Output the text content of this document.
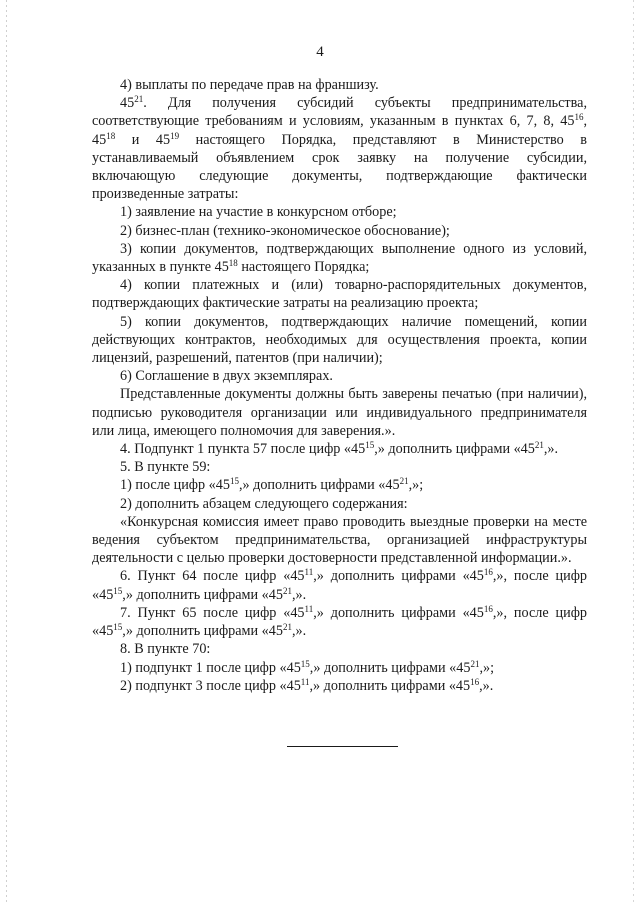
4

4) выплаты по передаче прав на франшизу.

$45^{21}$. Для получения субсидий субъекты предпринимательства, соответствующие требованиям и условиям, указанным в пунктах 6, 7, 8, $45^{16}$, $45^{18}$ и $45^{19}$ настоящего Порядка, представляют в Министерство в устанавливаемый объявлением срок заявку на получение субсидии, включающую следующие документы, подтверждающие фактически произведенные затраты:

1) заявление на участие в конкурсном отборе;

2) бизнес-план (технико-экономическое обоснование);

3) копии документов, подтверждающих выполнение одного из условий, указанных в пункте $45^{18}$ настоящего Порядка;

4) копии платежных и (или) товарно-распорядительных документов, подтверждающих фактические затраты на реализацию проекта;

5) копии документов, подтверждающих наличие помещений, копии действующих контрактов, необходимых для осуществления проекта, копии лицензий, разрешений, патентов (при наличии);

6) Соглашение в двух экземплярах.

Представленные документы должны быть заверены печатью (при наличии), подписью руководителя организации или индивидуального предпринимателя или лица, имеющего полномочия для заверения.».

4. Подпункт 1 пункта 57 после цифр «$45^{15}$,» дополнить цифрами «$45^{21}$,».

5. В пункте 59:

1) после цифр «$45^{15}$,» дополнить цифрами «$45^{21}$,»;

2) дополнить абзацем следующего содержания:

«Конкурсная комиссия имеет право проводить выездные проверки на месте ведения субъектом предпринимательства, организацией инфраструктуры деятельности с целью проверки достоверности представленной информации.».

6. Пункт 64 после цифр «$45^{11}$,» дополнить цифрами «$45^{16}$,», после цифр «$45^{15}$,» дополнить цифрами «$45^{21}$,».

7. Пункт 65 после цифр «$45^{11}$,» дополнить цифрами «$45^{16}$,», после цифр «$45^{15}$,» дополнить цифрами «$45^{21}$,».

8. В пункте 70:

1) подпункт 1 после цифр «$45^{15}$,» дополнить цифрами «$45^{21}$,»;

2) подпункт 3 после цифр «$45^{11}$,» дополнить цифрами «$45^{16}$,».
